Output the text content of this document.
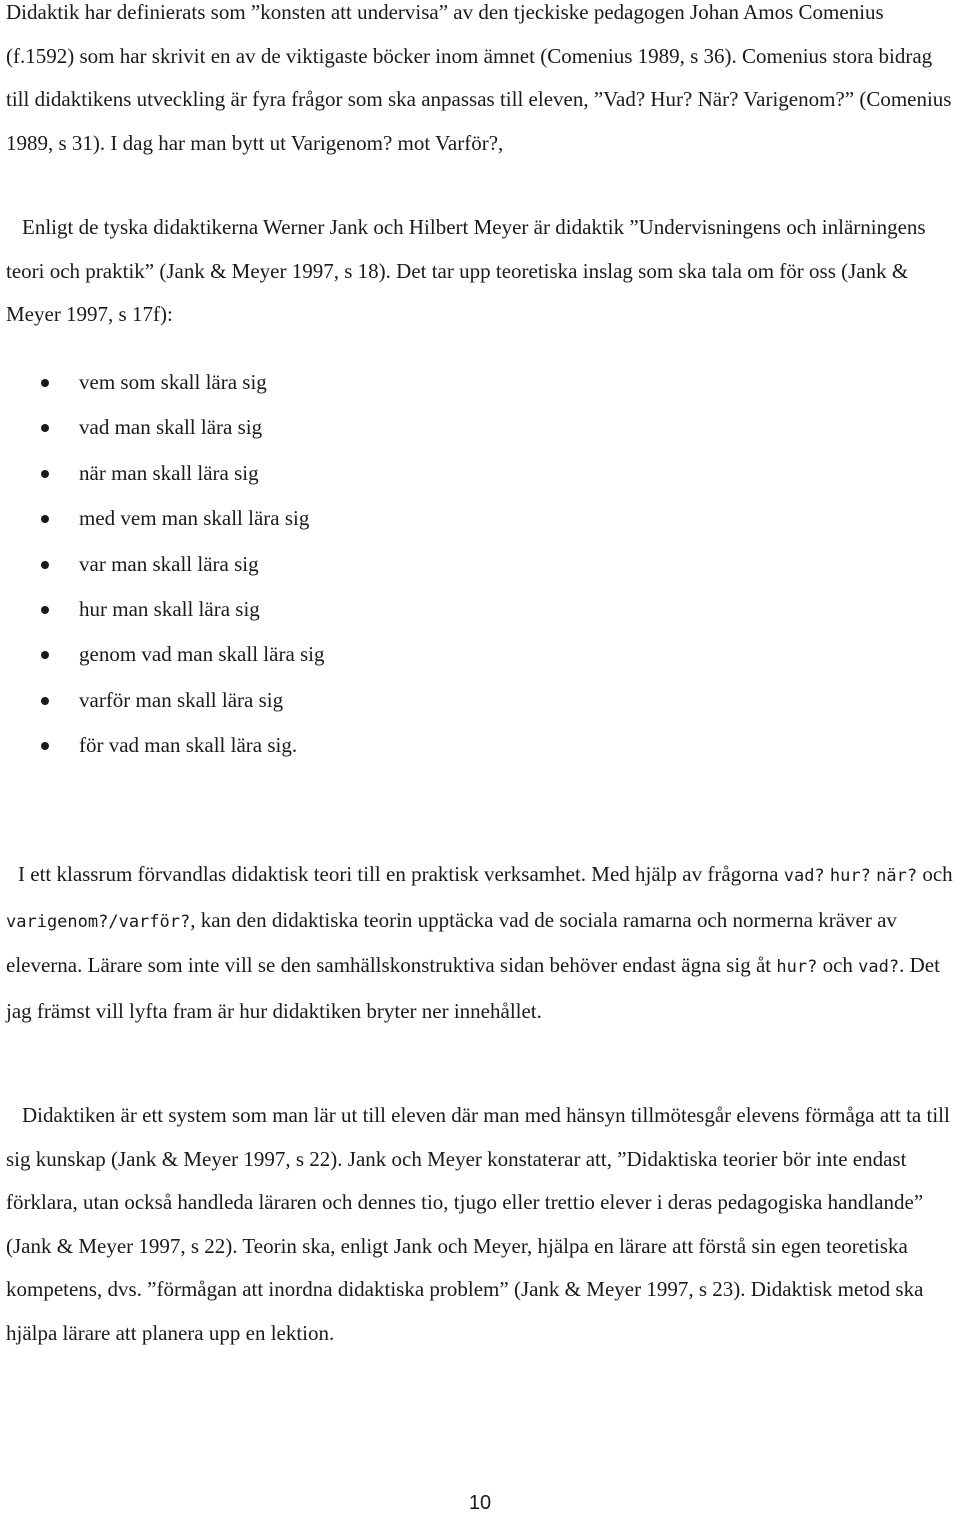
Didaktik har definierats som ”konsten att undervisa” av den tjeckiske pedagogen Johan Amos Comenius (f.1592) som har skrivit en av de viktigaste böcker inom ämnet (Comenius 1989, s 36). Comenius stora bidrag till didaktikens utveckling är fyra frågor som ska anpassas till eleven, ”Vad? Hur? När? Varigenom?” (Comenius 1989, s 31). I dag har man bytt ut Varigenom? mot Varför?,

Enligt de tyska didaktikerna Werner Jank och Hilbert Meyer är didaktik ”Undervisningens och inlärningens teori och praktik” (Jank & Meyer 1997, s 18). Det tar upp teoretiska inslag som ska tala om för oss (Jank & Meyer 1997, s 17f):

vem som skall lära sig
vad man skall lära sig
när man skall lära sig
med vem man skall lära sig
var man skall lära sig
hur man skall lära sig
genom vad man skall lära sig
varför man skall lära sig
för vad man skall lära sig.

I ett klassrum förvandlas didaktisk teori till en praktisk verksamhet. Med hjälp av frågorna vad? hur? när? och varigenom?/varför?, kan den didaktiska teorin upptäcka vad de sociala ramarna och normerna kräver av eleverna. Lärare som inte vill se den samhällskonstruktiva sidan behöver endast ägna sig åt hur? och vad?. Det jag främst vill lyfta fram är hur didaktiken bryter ner innehållet.

Didaktiken är ett system som man lär ut till eleven där man med hänsyn tillmötesgår elevens förmåga att ta till sig kunskap (Jank & Meyer 1997, s 22). Jank och Meyer konstaterar att, ”Didaktiska teorier bör inte endast förklara, utan också handleda läraren och dennes tio, tjugo eller trettio elever i deras pedagogiska handlande” (Jank & Meyer 1997, s 22). Teorin ska, enligt Jank och Meyer, hjälpa en lärare att förstå sin egen teoretiska kompetens, dvs. ”förmågan att inordna didaktiska problem” (Jank & Meyer 1997, s 23). Didaktisk metod ska hjälpa lärare att planera upp en lektion.

10
